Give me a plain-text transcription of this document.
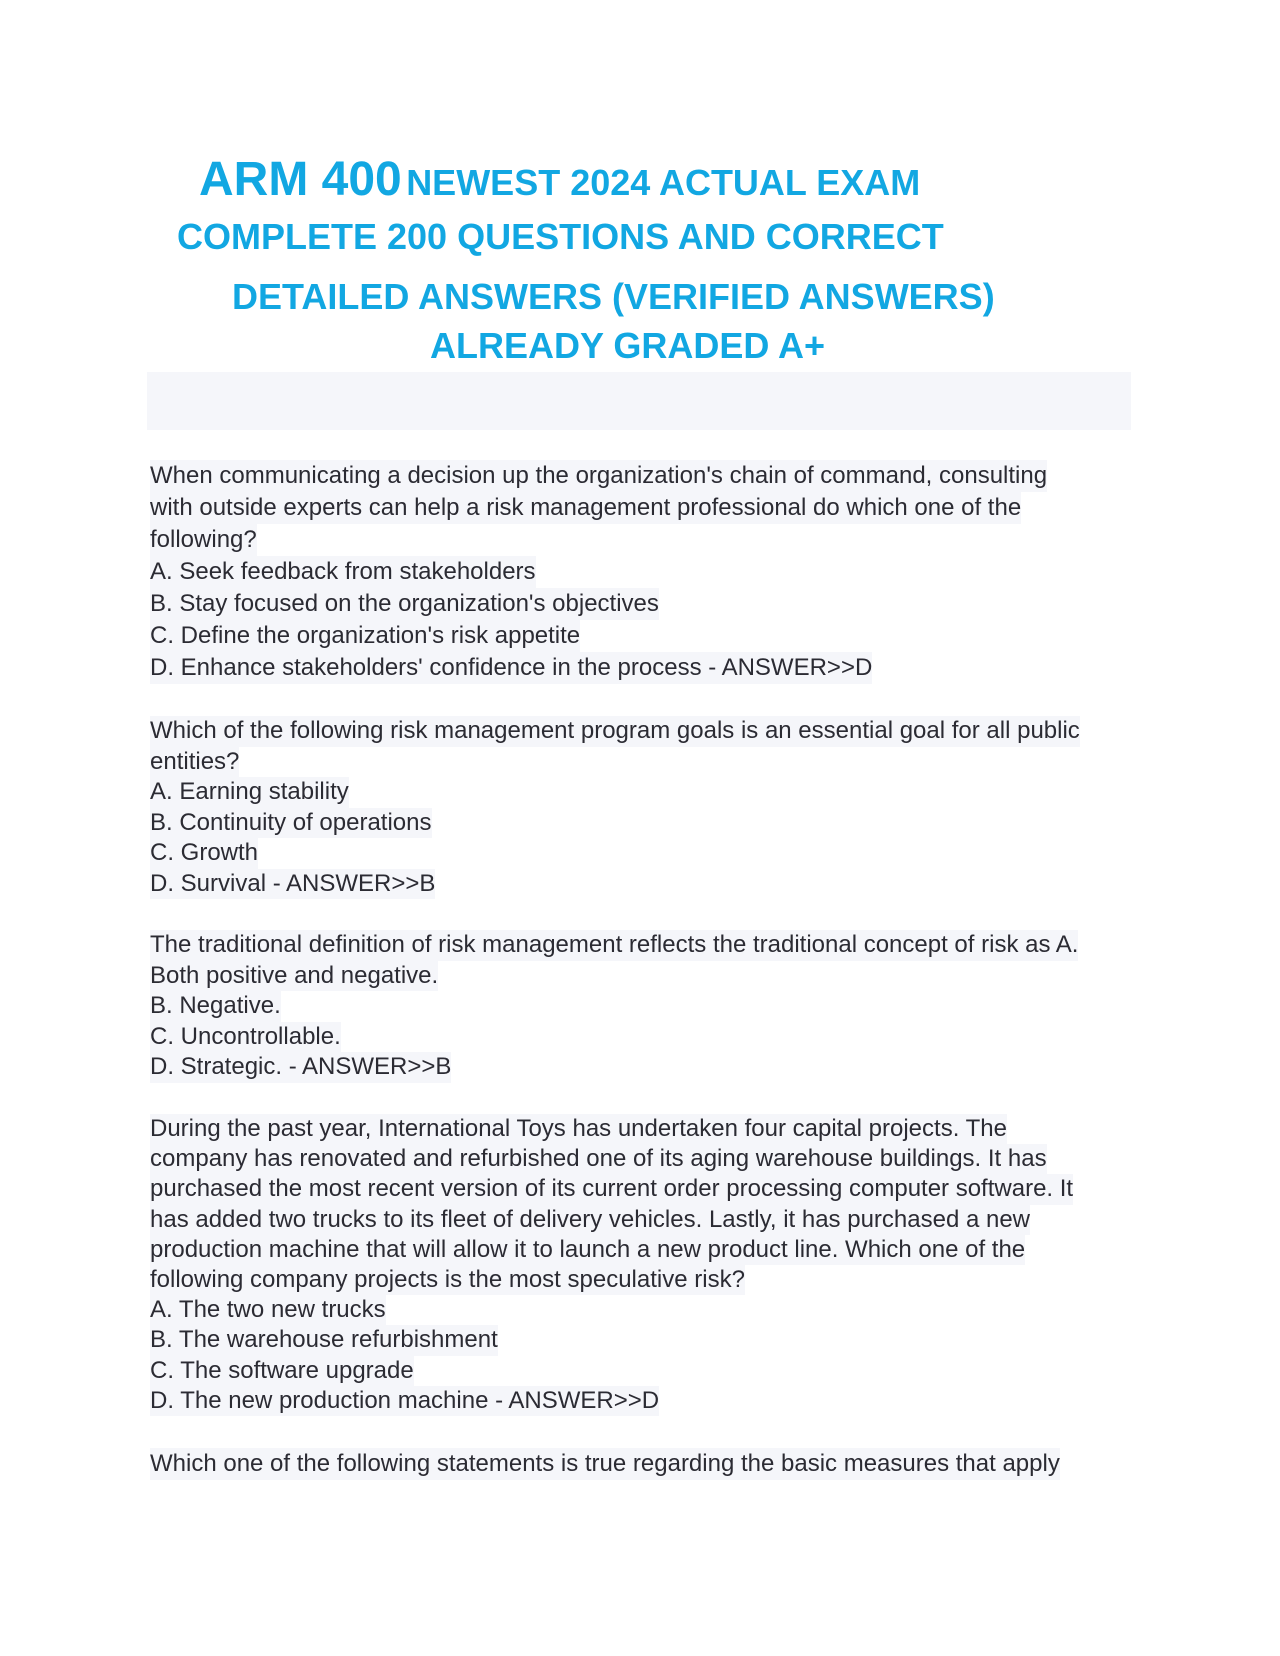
ARM 400 NEWEST 2024 ACTUAL EXAM
COMPLETE 200 QUESTIONS AND CORRECT
DETAILED ANSWERS (VERIFIED ANSWERS)
ALREADY GRADED A+
When communicating a decision up the organization's chain of command, consulting
with outside experts can help a risk management professional do which one of the
following?
A. Seek feedback from stakeholders
B. Stay focused on the organization's objectives
C. Define the organization's risk appetite
D. Enhance stakeholders' confidence in the process - ANSWER>>D
Which of the following risk management program goals is an essential goal for all public
entities?
A. Earning stability
B. Continuity of operations
C. Growth
D. Survival - ANSWER>>B
The traditional definition of risk management reflects the traditional concept of risk as A.
Both positive and negative.
B. Negative.
C. Uncontrollable.
D. Strategic. - ANSWER>>B
During the past year, International Toys has undertaken four capital projects. The
company has renovated and refurbished one of its aging warehouse buildings. It has
purchased the most recent version of its current order processing computer software. It
has added two trucks to its fleet of delivery vehicles. Lastly, it has purchased a new
production machine that will allow it to launch a new product line. Which one of the
following company projects is the most speculative risk?
A. The two new trucks
B. The warehouse refurbishment
C. The software upgrade
D. The new production machine - ANSWER>>D
Which one of the following statements is true regarding the basic measures that apply
